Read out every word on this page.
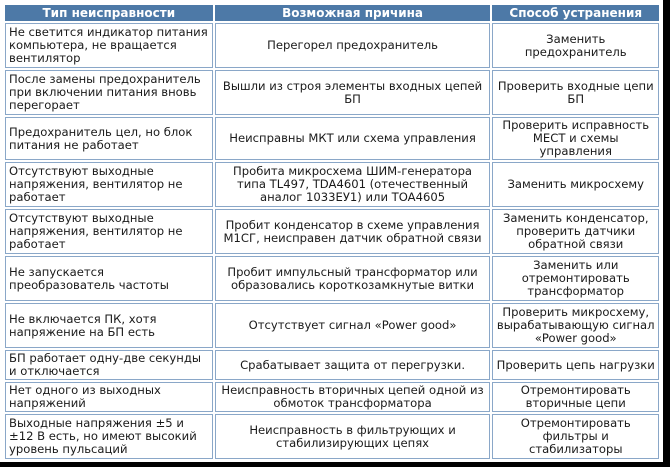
Тип неисправности	Возможная причина	Способ устранения
Не светится индикатор питания компьютера, не вращается вентилятор	Перегорел предохранитель	Заменить предохранитель
После замены предохранитель при включении питания вновь перегорает	Вышли из строя элементы входных цепей БП	Проверить входные цепи БП
Предохранитель цел, но блок питания не работает	Неисправны МКТ или схема управления	Проверить исправность МЕСТ и схемы управления
Отсутствуют выходные напряжения, вентилятор не работает	Пробита микросхема ШИМ-генератора типа TL497, TDA4601 (отечественный аналог 1033ЕУ1) или TOA4605	Заменить микросхему
Отсутствуют выходные напряжения, вентилятор не работает	Пробит конденсатор в схеме управления М1СГ, неисправен датчик обратной связи	Заменить конденсатор, проверить датчики обратной связи
Не запускается преобразователь частоты	Пробит импульсный трансформатор или образовались короткозамкнутые витки	Заменить или отремонтировать трансформатор
Не включается ПК, хотя напряжение на БП есть	Отсутствует сигнал «Power good»	Проверить микросхему, вырабатывающую сигнал «Power good»
БП работает одну-две секунды и отключается	Срабатывает защита от перегрузки.	Проверить цепь нагрузки
Нет одного из выходных напряжений	Неисправность вторичных цепей одной из обмоток трансформатора	Отремонтировать вторичные цепи
Выходные напряжения ±5 и ±12 В есть, но имеют высокий уровень пульсаций	Неисправность в фильтрующих и стабилизирующих цепях	Отремонтировать фильтры и стабилизаторы
